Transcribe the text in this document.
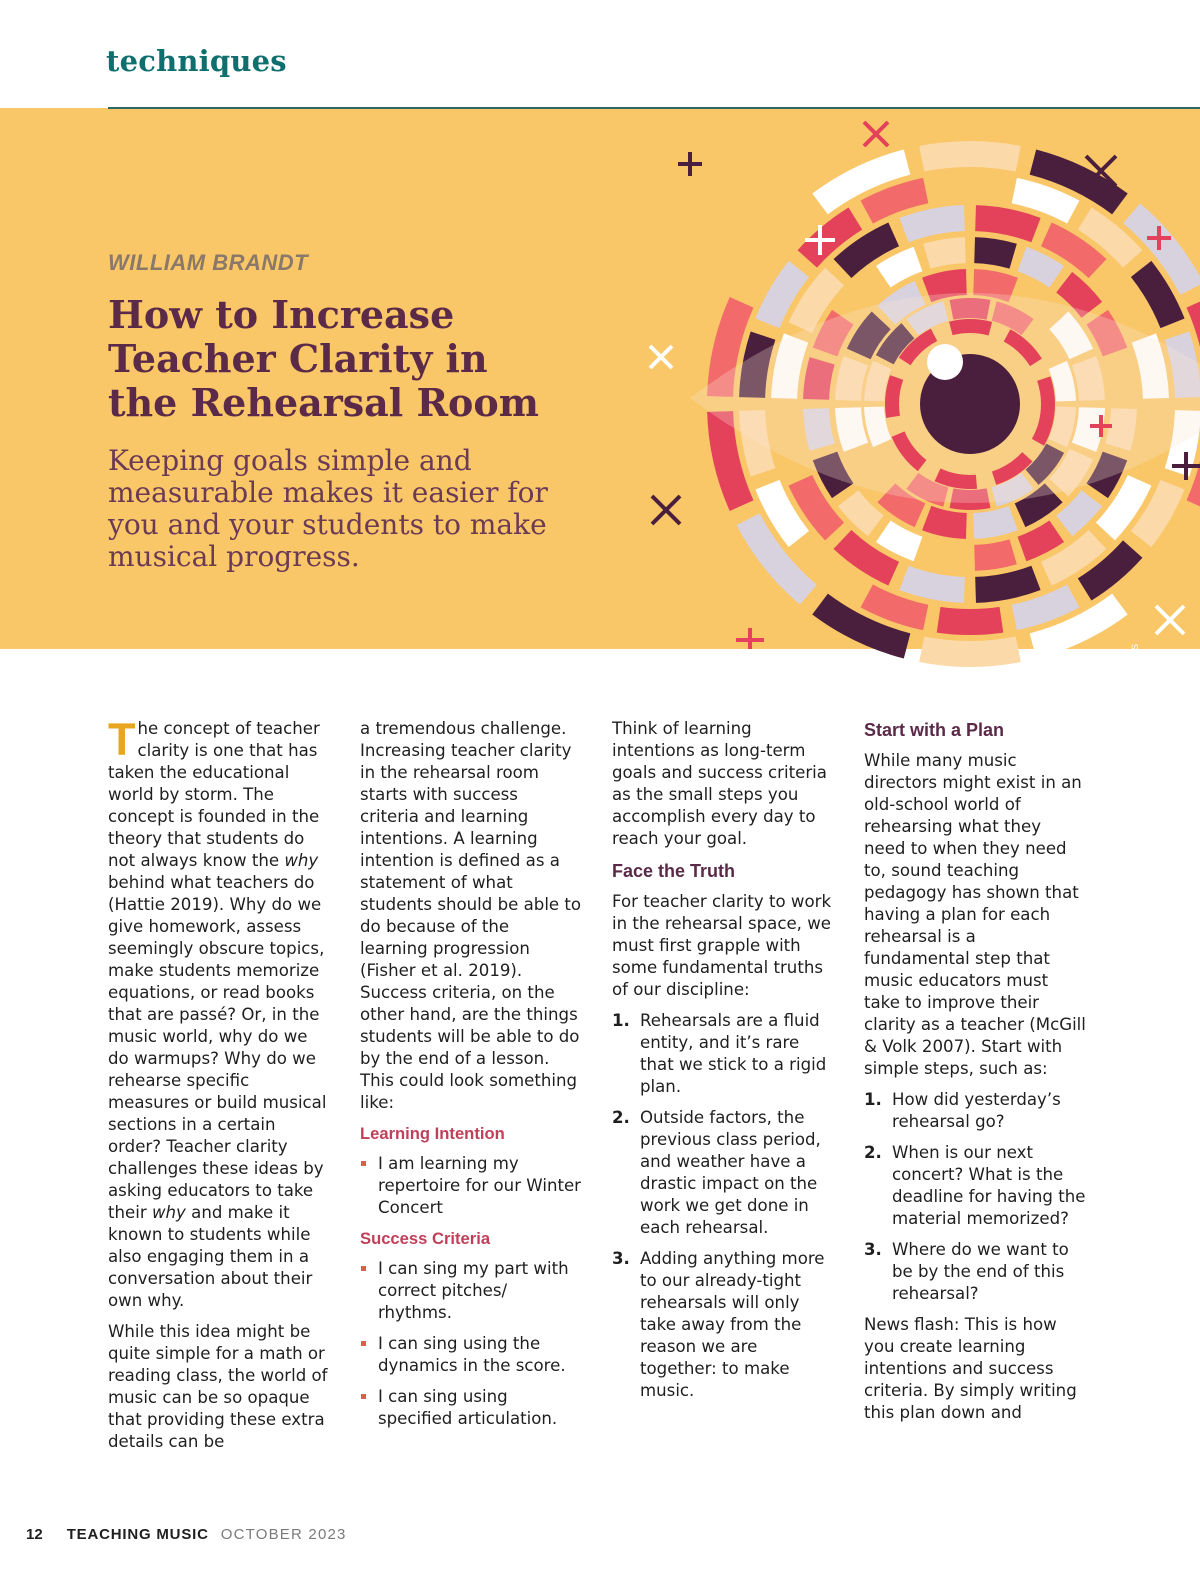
techniques
WILLIAM BRANDT
How to Increase Teacher Clarity in the Rehearsal Room

Keeping goals simple and measurable makes it easier for you and your students to make musical progress.

DigitalVision Vectors

The concept of teacher clarity is one that has taken the educational world by storm. The concept is founded in the theory that students do not always know the why behind what teachers do (Hattie 2019). Why do we give homework, assess seemingly obscure topics, make students memorize equations, or read books that are passé? Or, in the music world, why do we do warmups? Why do we rehearse specific measures or build musical sections in a certain order? Teacher clarity challenges these ideas by asking educators to take their why and make it known to students while also engaging them in a conversation about their own why.

While this idea might be quite simple for a math or reading class, the world of music can be so opaque that providing these extra details can be

a tremendous challenge. Increasing teacher clarity in the rehearsal room starts with success criteria and learning intentions. A learning intention is defined as a statement of what students should be able to do because of the learning progression (Fisher et al. 2019). Success criteria, on the other hand, are the things students will be able to do by the end of a lesson. This could look something like:

Learning Intention
I am learning my repertoire for our Winter Concert
Success Criteria
I can sing my part with correct pitches/ rhythms.
I can sing using the dynamics in the score.
I can sing using specified articulation.

Think of learning intentions as long-term goals and success criteria as the small steps you accomplish every day to reach your goal.

Face the Truth

For teacher clarity to work in the rehearsal space, we must first grapple with some fundamental truths of our discipline:

1. Rehearsals are a fluid entity, and it’s rare that we stick to a rigid plan.
2. Outside factors, the previous class period, and weather have a drastic impact on the work we get done in each rehearsal.
3. Adding anything more to our already-tight rehearsals will only take away from the reason we are together: to make music.
Start with a Plan

While many music directors might exist in an old-school world of rehearsing what they need to when they need to, sound teaching pedagogy has shown that having a plan for each rehearsal is a fundamental step that music educators must take to improve their clarity as a teacher (McGill & Volk 2007). Start with simple steps, such as:

1. How did yesterday’s rehearsal go?
2. When is our next concert? What is the deadline for having the material memorized?
3. Where do we want to be by the end of this rehearsal?

News flash: This is how you create learning intentions and success criteria. By simply writing this plan down and

12 TEACHING MUSIC OCTOBER 2023
